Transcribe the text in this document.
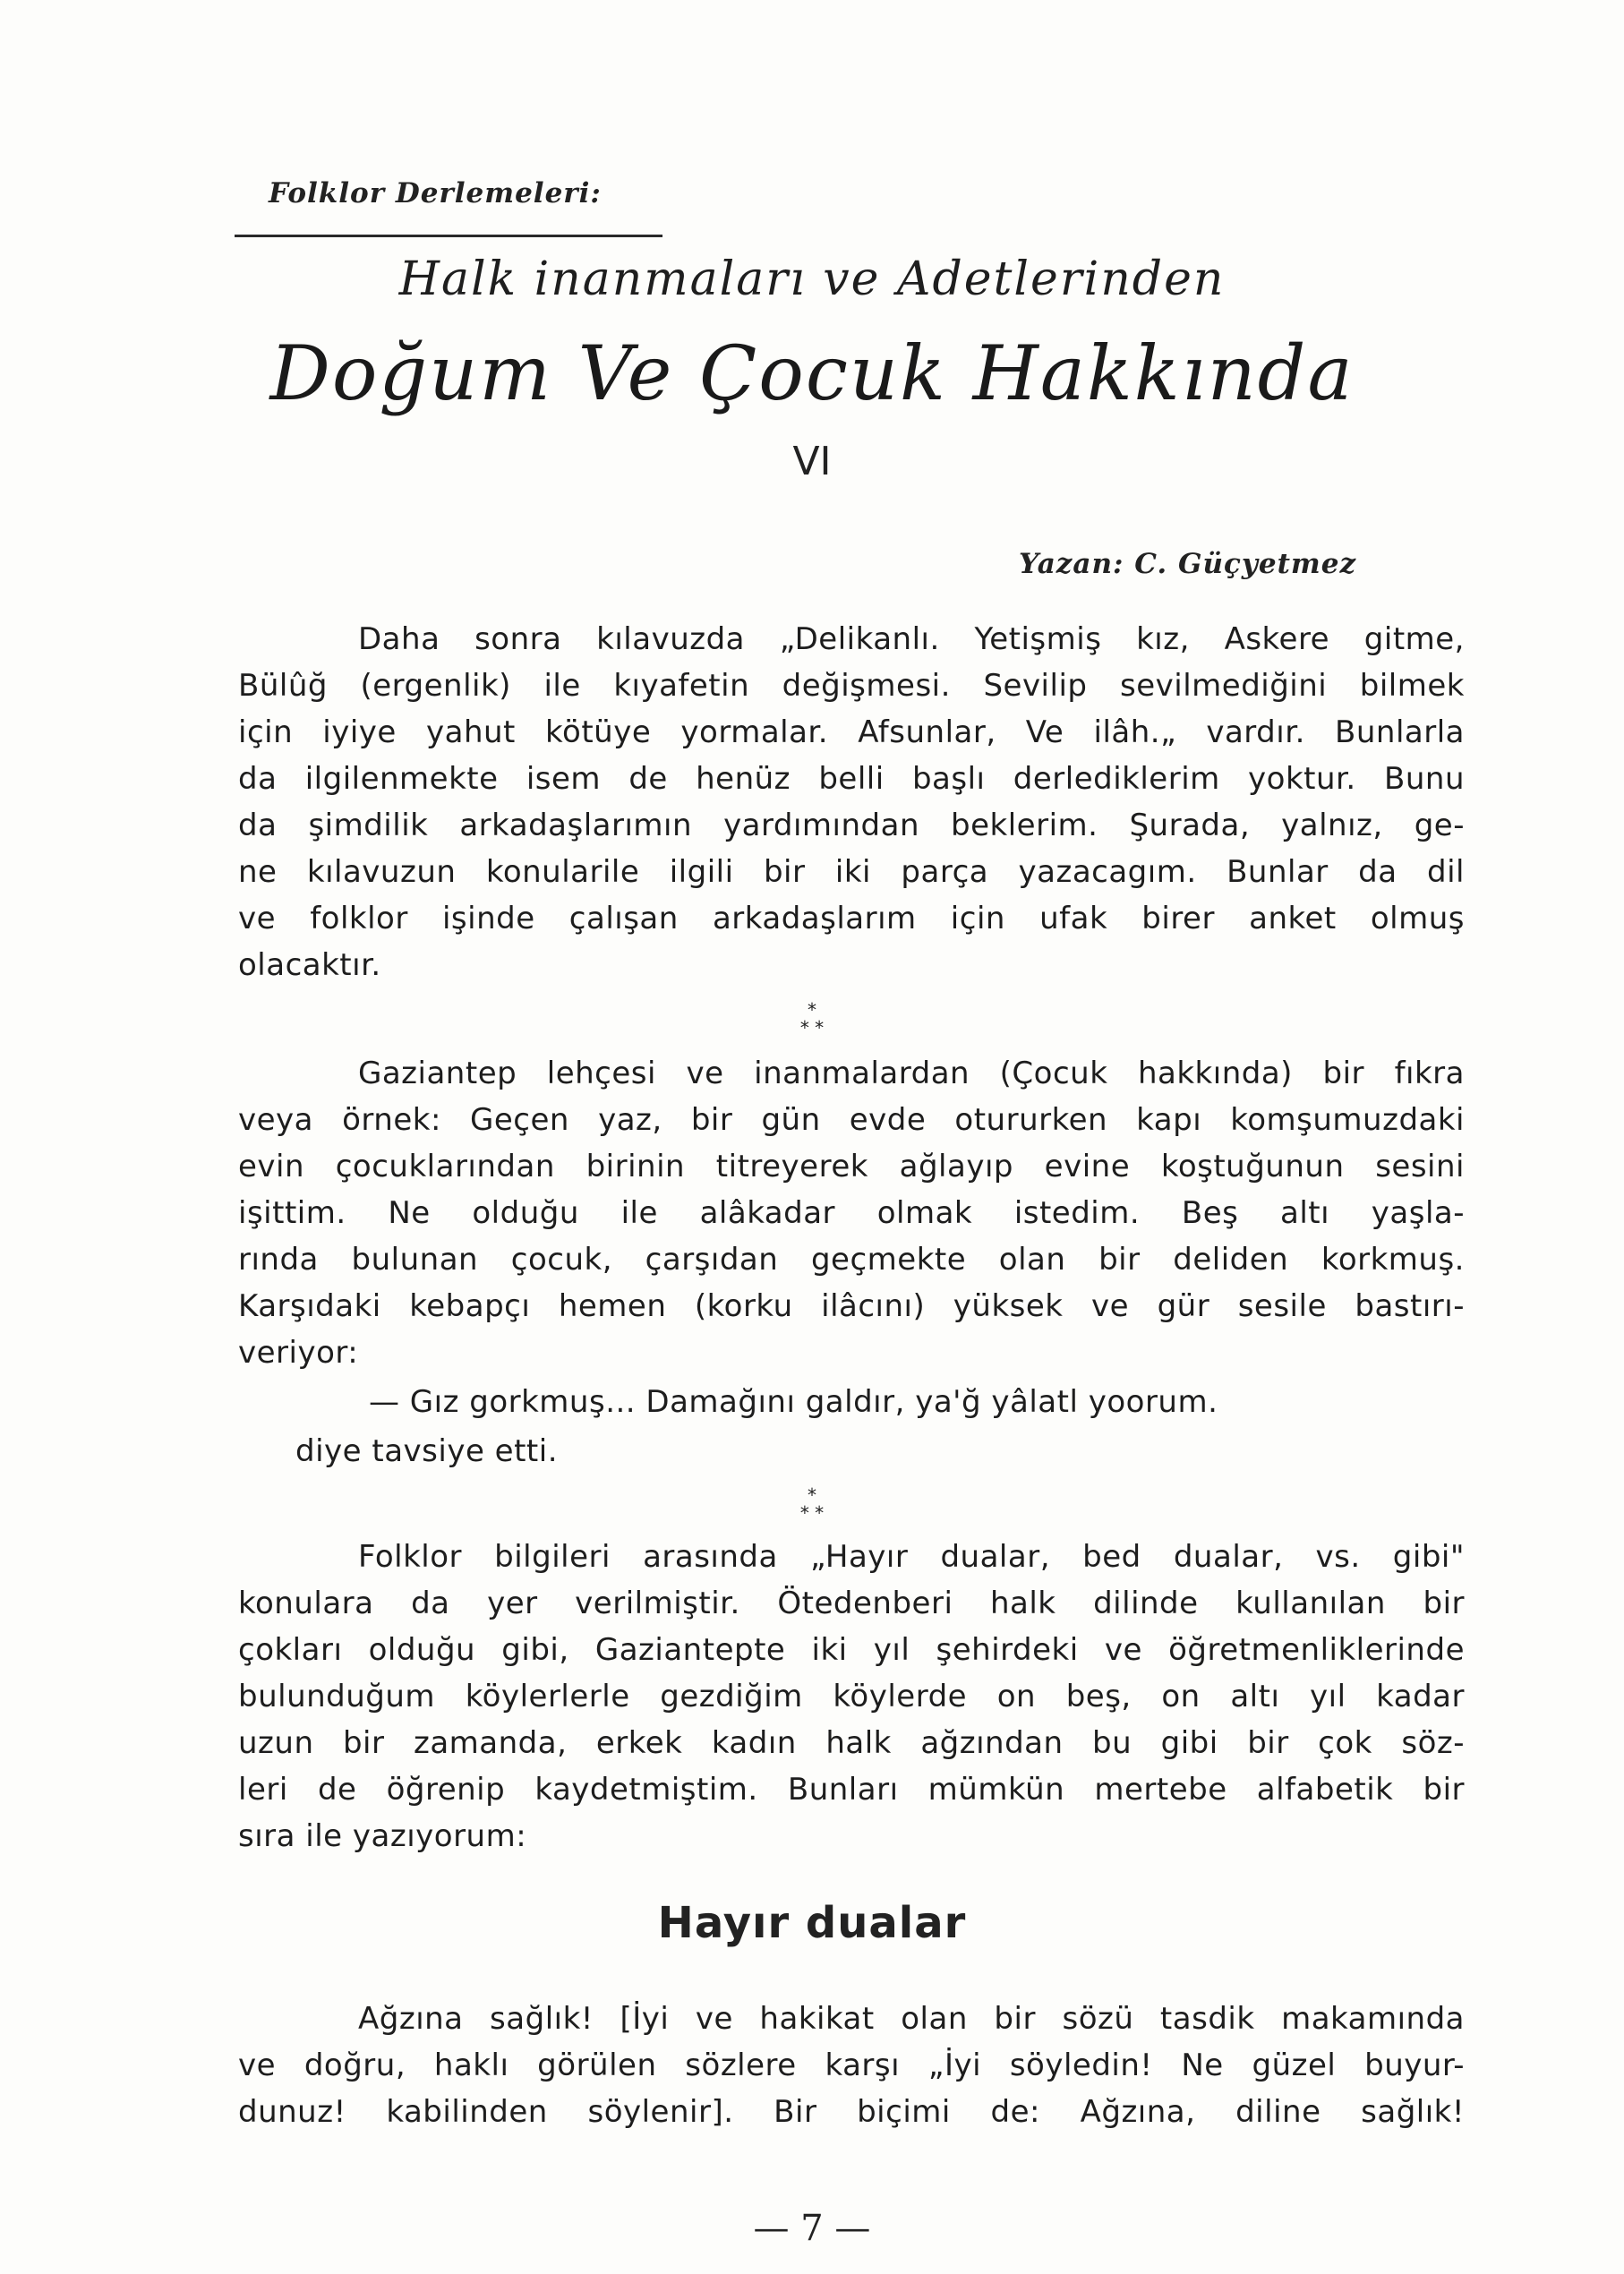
Folklor Derlemeleri:
Halk inanmaları ve Adetlerinden
Doğum Ve Çocuk Hakkında
VI
Yazan: C. Güçyetmez
Daha sonra kılavuzda „Delikanlı. Yetişmiş kız, Askere gitme,
Bülûğ (ergenlik) ile kıyafetin değişmesi. Sevilip sevilmediğini bilmek
için iyiye yahut kötüye yormalar. Afsunlar, Ve ilâh.„ vardır. Bunlarla
da ilgilenmekte isem de henüz belli başlı derlediklerim yoktur. Bunu
da şimdilik arkadaşlarımın yardımından beklerim. Şurada, yalnız, ge-
ne kılavuzun konularile ilgili bir iki parça yazacagım. Bunlar da dil
ve folklor işinde çalışan arkadaşlarım için ufak birer anket olmuş
olacaktır.
*
* *
Gaziantep lehçesi ve inanmalardan (Çocuk hakkında) bir fıkra
veya örnek: Geçen yaz, bir gün evde otururken kapı komşumuzdaki
evin çocuklarından birinin titreyerek ağlayıp evine koştuğunun sesini
işittim. Ne olduğu ile alâkadar olmak istedim. Beş altı yaşla-
rında bulunan çocuk, çarşıdan geçmekte olan bir deliden korkmuş.
Karşıdaki kebapçı hemen (korku ilâcını) yüksek ve gür sesile bastırı-
veriyor:
— Gız gorkmuş... Damağını galdır, ya'ğ yâlatl yoorum.
diye tavsiye etti.
*
* *
Folklor bilgileri arasında „Hayır dualar, bed dualar, vs. gibi"
konulara da yer verilmiştir. Ötedenberi halk dilinde kullanılan bir
çokları olduğu gibi, Gaziantepte iki yıl şehirdeki ve öğretmenliklerinde
bulunduğum köylerlerle gezdiğim köylerde on beş, on altı yıl kadar
uzun bir zamanda, erkek kadın halk ağzından bu gibi bir çok söz-
leri de öğrenip kaydetmiştim. Bunları mümkün mertebe alfabetik bir
sıra ile yazıyorum:
Hayır dualar
Ağzına sağlık! [İyi ve hakikat olan bir sözü tasdik makamında
ve doğru, haklı görülen sözlere karşı „İyi söyledin! Ne güzel buyur-
dunuz! kabilinden söylenir]. Bir biçimi de: Ağzına, diline sağlık!
— 7 —
